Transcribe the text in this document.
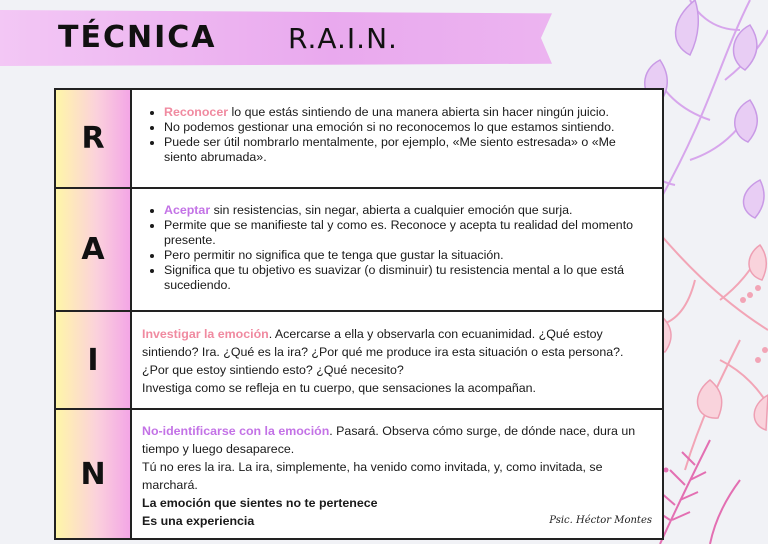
TÉCNICA	R.A.I.N.
R
• Reconocer lo que estás sintiendo de una manera abierta sin hacer ningún juicio.
• No podemos gestionar una emoción si no reconocemos lo que estamos sintiendo.
• Puede ser útil nombrarlo mentalmente, por ejemplo, «Me siento estresada» o «Me siento abrumada».
A
• Aceptar sin resistencias, sin negar, abierta a cualquier emoción que surja.
• Permite que se manifieste tal y como es. Reconoce y acepta tu realidad del momento presente.
• Pero permitir no significa que te tenga que gustar la situación.
• Significa que tu objetivo es suavizar (o disminuir) tu resistencia mental a lo que está sucediendo.
I

Investigar la emoción. Acercarse a ella y observarla con ecuanimidad. ¿Qué estoy sintiendo? Ira. ¿Qué es la ira? ¿Por qué me produce ira esta situación o esta persona?. ¿Por que estoy sintiendo esto? ¿Qué necesito?

Investiga como se refleja en tu cuerpo, que sensaciones la acompañan.

N

No-identificarse con la emoción. Pasará. Observa cómo surge, de dónde nace, dura un tiempo y luego desaparece.

Tú no eres la ira. La ira, simplemente, ha venido como invitada, y, como invitada, se marchará.

La emoción que sientes no te pertenece

Es una experiencia	Psic. Héctor Montes
